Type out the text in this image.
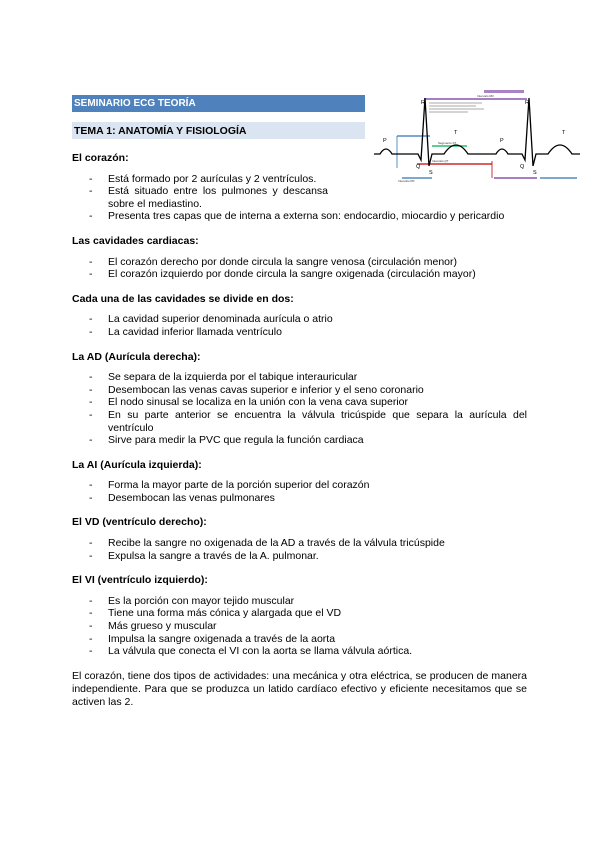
SEMINARIO ECG TEORÍA
TEMA 1: ANATOMÍA Y FISIOLOGÍA
R
P
Q
S
T
R
P
Q
S
T
Intervalo RR
Intervalo PR
Intervalo QT
Segmento ST
El corazón:
- Está formado por 2 aurículas y 2 ventrículos.
- Está situado entre los pulmones y descansa sobre el mediastino.
- Presenta tres capas que de interna a externa son: endocardio, miocardio y pericardio
Las cavidades cardiacas:
- El corazón derecho por donde circula la sangre venosa (circulación menor)
- El corazón izquierdo por donde circula la sangre oxigenada (circulación mayor)
Cada una de las cavidades se divide en dos:
- La cavidad superior denominada aurícula o atrio
- La cavidad inferior llamada ventrículo
La AD (Aurícula derecha):
- Se separa de la izquierda por el tabique interauricular
- Desembocan las venas cavas superior e inferior y el seno coronario
- El nodo sinusal se localiza en la unión con la vena cava superior
- En su parte anterior se encuentra la válvula tricúspide que separa la aurícula del ventrículo
- Sirve para medir la PVC que regula la función cardiaca
La AI (Aurícula izquierda):
- Forma la mayor parte de la porción superior del corazón
- Desembocan las venas pulmonares
El VD (ventrículo derecho):
- Recibe la sangre no oxigenada de la AD a través de la válvula tricúspide
- Expulsa la sangre a través de la A. pulmonar.
El VI (ventrículo izquierdo):
- Es la porción con mayor tejido muscular
- Tiene una forma más cónica y alargada que el VD
- Más grueso y muscular
- Impulsa la sangre oxigenada a través de la aorta
- La válvula que conecta el VI con la aorta se llama válvula aórtica.

El corazón, tiene dos tipos de actividades: una mecánica y otra eléctrica, se producen de manera independiente. Para que se produzca un latido cardíaco efectivo y eficiente necesitamos que se activen las 2.
